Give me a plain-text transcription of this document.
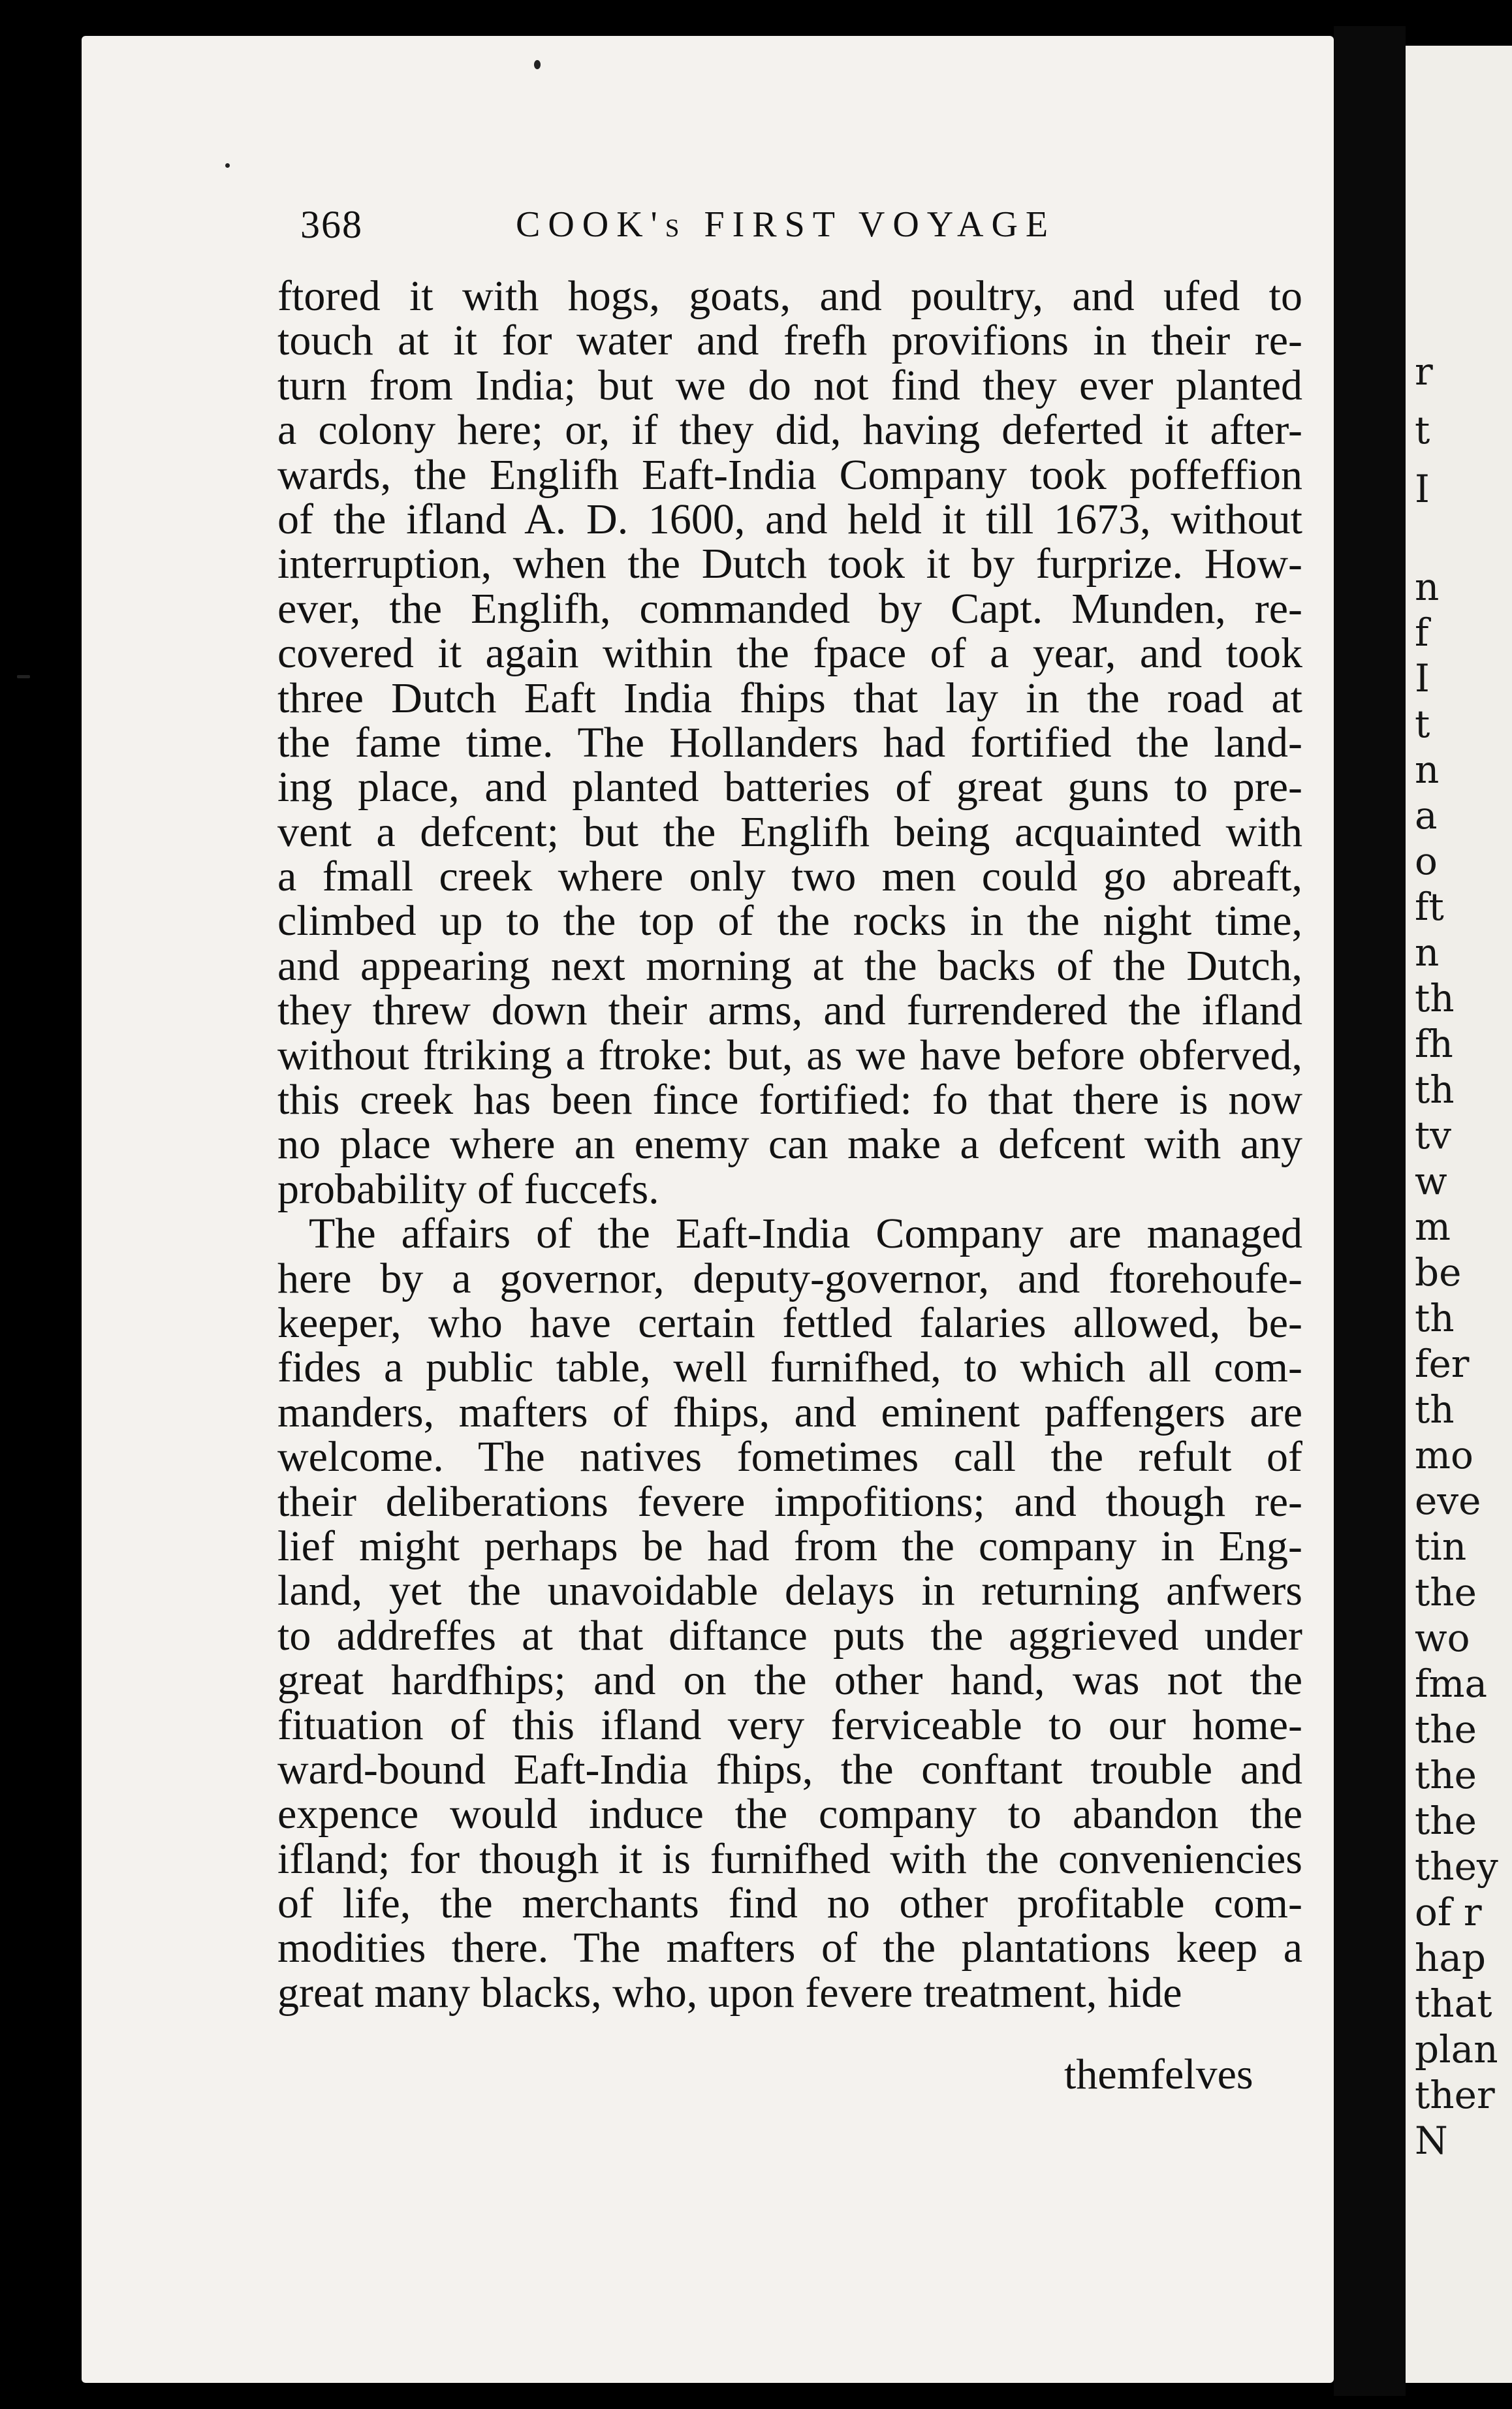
r
t
I
n
f
I
t
n
a
o
ft
n
th
fh
th
tv
w
m
be
th
fer
th
mo
eve
tin
the
wo
fma
the
the
the
they
of r
hap
that
plan
ther
N
368	COOK's FIRST VOYAGE
ftored it with hogs, goats, and poultry, and ufed to
touch at it for water and frefh provifions in their re-
turn from India; but we do not find they ever planted
a colony here; or, if they did, having deferted it after-
wards, the Englifh Eaft-India Company took poffeffion
of the ifland A. D. 1600, and held it till 1673, without
interruption, when the Dutch took it by furprize. How-
ever, the Englifh, commanded by Capt. Munden, re-
covered it again within the fpace of a year, and took
three Dutch Eaft India fhips that lay in the road at
the fame time. The Hollanders had fortified the land-
ing place, and planted batteries of great guns to pre-
vent a defcent; but the Englifh being acquainted with
a fmall creek where only two men could go abreaft,
climbed up to the top of the rocks in the night time,
and appearing next morning at the backs of the Dutch,
they threw down their arms, and furrendered the ifland
without ftriking a ftroke: but, as we have before obferved,
this creek has been fince fortified: fo that there is now
no place where an enemy can make a defcent with any
probability of fuccefs.
The affairs of the Eaft-India Company are managed
here by a governor, deputy-governor, and ftorehoufe-
keeper, who have certain fettled falaries allowed, be-
fides a public table, well furnifhed, to which all com-
manders, mafters of fhips, and eminent paffengers are
welcome. The natives fometimes call the refult of
their deliberations fevere impofitions; and though re-
lief might perhaps be had from the company in Eng-
land, yet the unavoidable delays in returning anfwers
to addreffes at that diftance puts the aggrieved under
great hardfhips; and on the other hand, was not the
fituation of this ifland very ferviceable to our home-
ward-bound Eaft-India fhips, the conftant trouble and
expence would induce the company to abandon the
ifland; for though it is furnifhed with the conveniencies
of life, the merchants find no other profitable com-
modities there. The mafters of the plantations keep a
great many blacks, who, upon fevere treatment, hide
themfelves
